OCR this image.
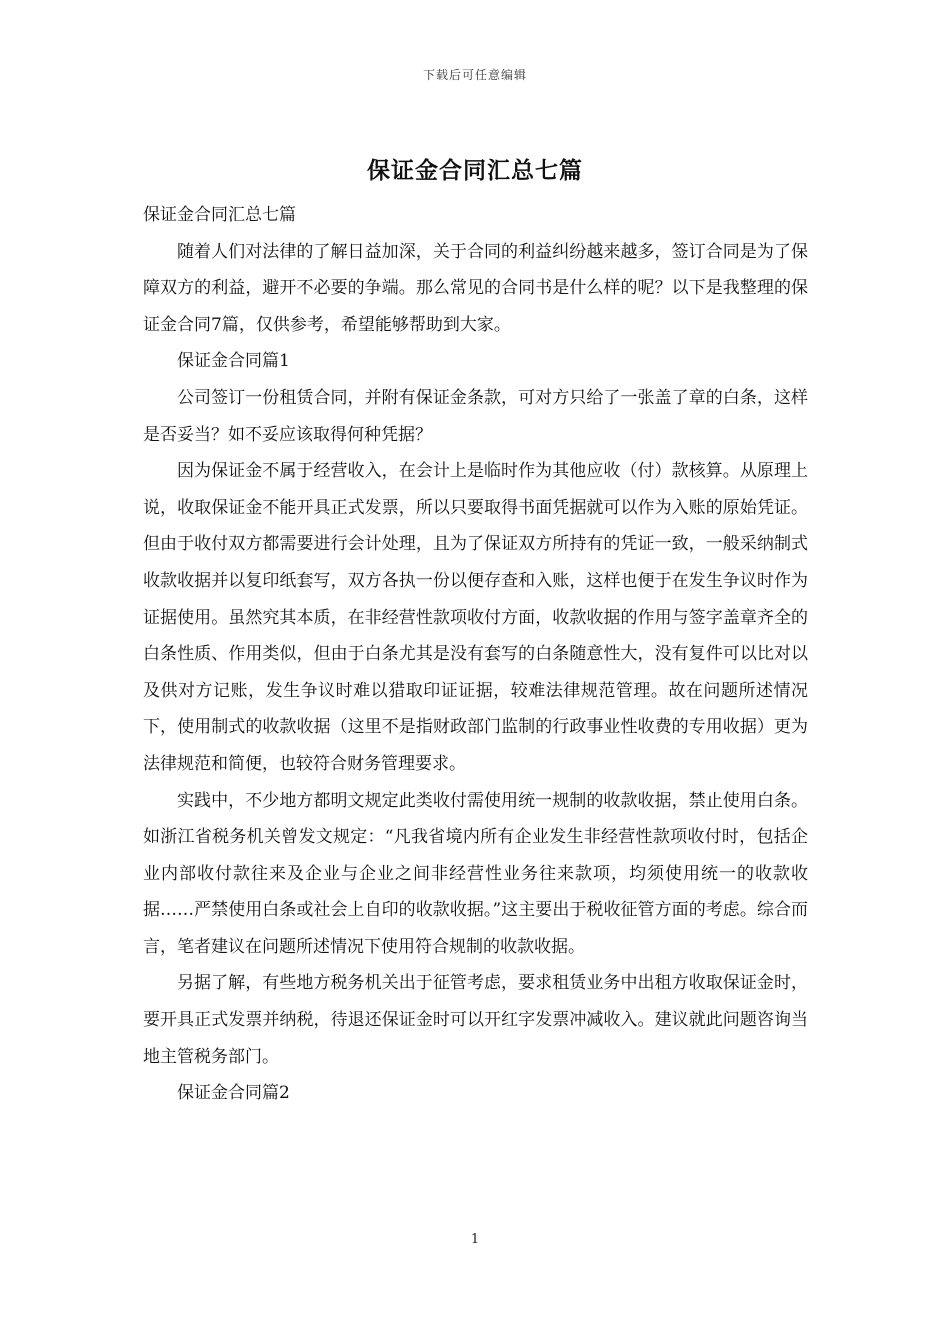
下载后可任意编辑
保证金合同汇总七篇

保证金合同汇总七篇

随着人们对法律的了解日益加深，关于合同的利益纠纷越来越多，签订合同是为了保障双方的利益，避开不必要的争端。那么常见的合同书是什么样的呢？以下是我整理的保证金合同7篇，仅供参考，希望能够帮助到大家。

保证金合同篇1

公司签订一份租赁合同，并附有保证金条款，可对方只给了一张盖了章的白条，这样是否妥当？如不妥应该取得何种凭据？

因为保证金不属于经营收入，在会计上是临时作为其他应收（付）款核算。从原理上说，收取保证金不能开具正式发票，所以只要取得书面凭据就可以作为入账的原始凭证。但由于收付双方都需要进行会计处理，且为了保证双方所持有的凭证一致，一般采纳制式收款收据并以复印纸套写，双方各执一份以便存查和入账，这样也便于在发生争议时作为证据使用。虽然究其本质，在非经营性款项收付方面，收款收据的作用与签字盖章齐全的白条性质、作用类似，但由于白条尤其是没有套写的白条随意性大，没有复件可以比对以及供对方记账，发生争议时难以猎取印证证据，较难法律规范管理。故在问题所述情况下，使用制式的收款收据（这里不是指财政部门监制的行政事业性收费的专用收据）更为法律规范和简便，也较符合财务管理要求。

实践中，不少地方都明文规定此类收付需使用统一规制的收款收据，禁止使用白条。如浙江省税务机关曾发文规定：“凡我省境内所有企业发生非经营性款项收付时，包括企业内部收付款往来及企业与企业之间非经营性业务往来款项，均须使用统一的收款收据……严禁使用白条或社会上自印的收款收据。”这主要出于税收征管方面的考虑。综合而言，笔者建议在问题所述情况下使用符合规制的收款收据。

另据了解，有些地方税务机关出于征管考虑，要求租赁业务中出租方收取保证金时，要开具正式发票并纳税，待退还保证金时可以开红字发票冲减收入。建议就此问题咨询当地主管税务部门。

保证金合同篇2

1
